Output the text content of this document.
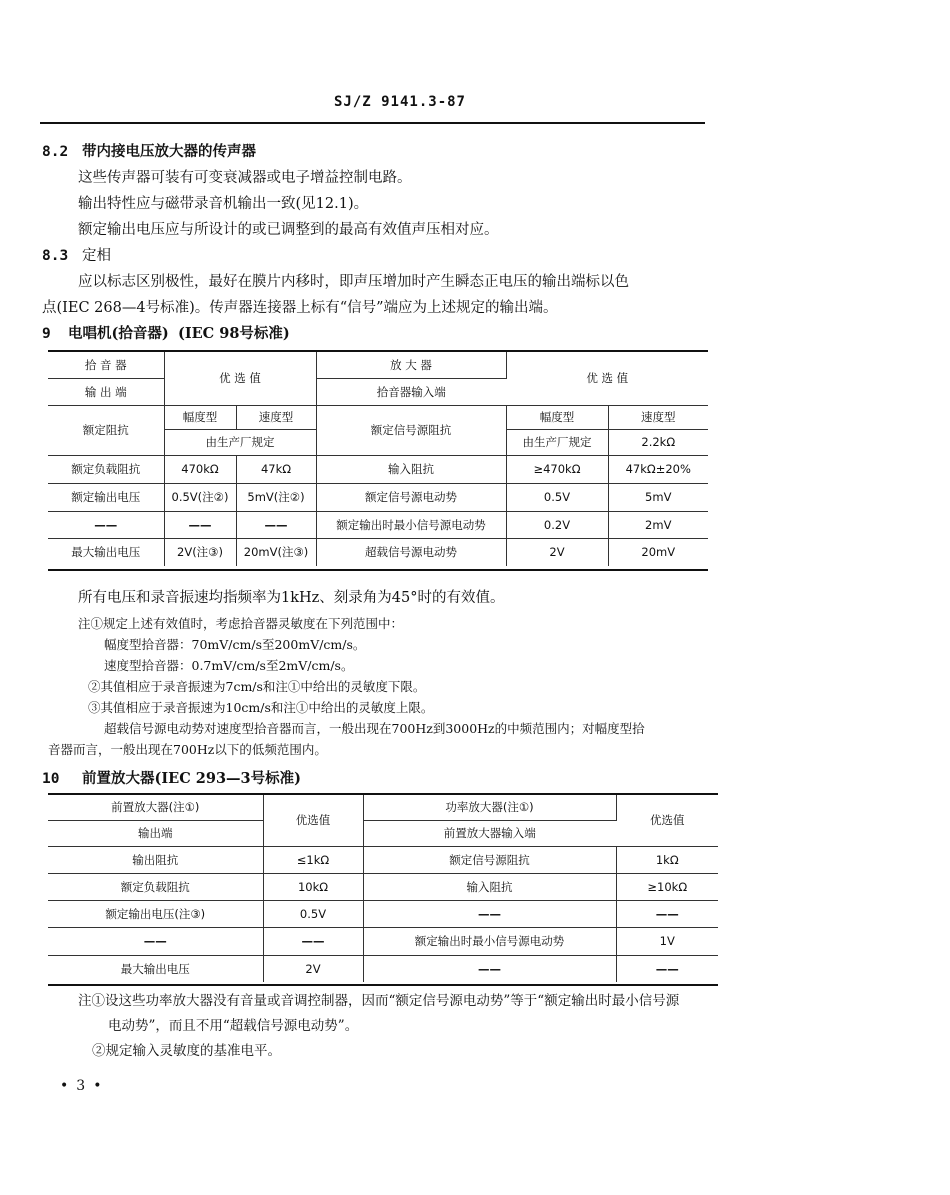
SJ/Z 9141.3-87
8.2 带内接电压放大器的传声器
这些传声器可装有可变衰减器或电子增益控制电路。
输出特性应与磁带录音机输出一致(见12.1)。
额定输出电压应与所设计的或已调整到的最高有效值声压相对应。
8.3 定相
应以标志区别极性，最好在膜片内移时，即声压增加时产生瞬态正电压的输出端标以色
点(IEC 268—4号标准)。传声器连接器上标有“信号”端应为上述规定的输出端。
9 电唱机(拾音器) (IEC 98号标准)
拾 音 器	优 选 值		放 大 器	优 选 值	
输 出 端			拾音器输入端		
额定阻抗	幅度型	速度型	额定信号源阻抗	幅度型	速度型
	由生产厂规定			由生产厂规定	2.2kΩ
额定负载阻抗	470kΩ	47kΩ	输入阻抗	≥470kΩ	47kΩ±20%
额定输出电压	0.5V(注②)	5mV(注②)	额定信号源电动势	0.5V	5mV
——	——	——	额定输出时最小信号源电动势	0.2V	2mV
最大输出电压	2V(注③)	20mV(注③)	超载信号源电动势	2V	20mV
所有电压和录音振速均指频率为1kHz、刻录角为45°时的有效值。
注①规定上述有效值时，考虑拾音器灵敏度在下列范围中：
幅度型拾音器：70mV/cm/s至200mV/cm/s。
速度型拾音器：0.7mV/cm/s至2mV/cm/s。
②其值相应于录音振速为7cm/s和注①中给出的灵敏度下限。
③其值相应于录音振速为10cm/s和注①中给出的灵敏度上限。
超载信号源电动势对速度型拾音器而言，一般出现在700Hz到3000Hz的中频范围内；对幅度型拾
音器而言，一般出现在700Hz以下的低频范围内。
10 前置放大器(IEC 293—3号标准)
前置放大器(注①)	优选值	功率放大器(注①)	优选值
输出端		前置放大器输入端	
输出阻抗	≤1kΩ	额定信号源阻抗	1kΩ
额定负载阻抗	10kΩ	输入阻抗	≥10kΩ
额定输出电压(注③)	0.5V	——	——
——	——	额定输出时最小信号源电动势	1V
最大输出电压	2V	——	——
注①设这些功率放大器没有音量或音调控制器，因而“额定信号源电动势”等于“额定输出时最小信号源
电动势”，而且不用“超载信号源电动势”。
②规定输入灵敏度的基准电平。
•3•
